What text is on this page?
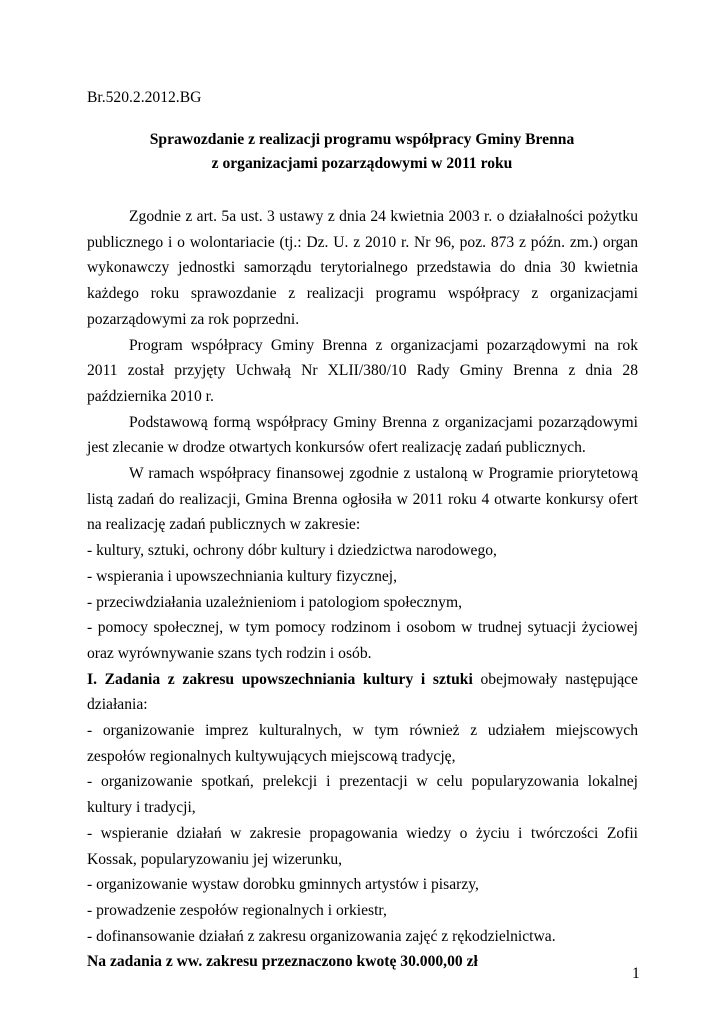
Br.520.2.2012.BG
Sprawozdanie z realizacji programu współpracy Gminy Brenna
z organizacjami pozarządowymi w 2011 roku

Zgodnie z art. 5a ust. 3 ustawy z dnia 24 kwietnia 2003 r. o działalności pożytku publicznego i o wolontariacie (tj.: Dz. U. z 2010 r. Nr 96, poz. 873 z późn. zm.) organ wykonawczy jednostki samorządu terytorialnego przedstawia do dnia 30 kwietnia każdego roku sprawozdanie z realizacji programu współpracy z organizacjami pozarządowymi za rok poprzedni.

Program współpracy Gminy Brenna z organizacjami pozarządowymi na rok 2011 został przyjęty Uchwałą Nr XLII/380/10 Rady Gminy Brenna z dnia 28 października 2010 r.

Podstawową formą współpracy Gminy Brenna z organizacjami pozarządowymi jest zlecanie w drodze otwartych konkursów ofert realizację zadań publicznych.

W ramach współpracy finansowej zgodnie z ustaloną w Programie priorytetową listą zadań do realizacji, Gmina Brenna ogłosiła w 2011 roku 4 otwarte konkursy ofert na realizację zadań publicznych w zakresie:

- kultury, sztuki, ochrony dóbr kultury i dziedzictwa narodowego,

- wspierania i upowszechniania kultury fizycznej,

- przeciwdziałania uzależnieniom i patologiom społecznym,

- pomocy społecznej, w tym pomocy rodzinom i osobom w trudnej sytuacji życiowej oraz wyrównywanie szans tych rodzin i osób.

I. Zadania z zakresu upowszechniania kultury i sztuki obejmowały następujące działania:

- organizowanie imprez kulturalnych, w tym również z udziałem miejscowych zespołów regionalnych kultywujących miejscową tradycję,

- organizowanie spotkań, prelekcji i prezentacji w celu popularyzowania lokalnej kultury i tradycji,

- wspieranie działań w zakresie propagowania wiedzy o życiu i twórczości Zofii Kossak, popularyzowaniu jej wizerunku,

- organizowanie wystaw dorobku gminnych artystów i pisarzy,

- prowadzenie zespołów regionalnych i orkiestr,

- dofinansowanie działań z zakresu organizowania zajęć z rękodzielnictwa.

Na zadania z ww. zakresu przeznaczono kwotę 30.000,00 zł

1
